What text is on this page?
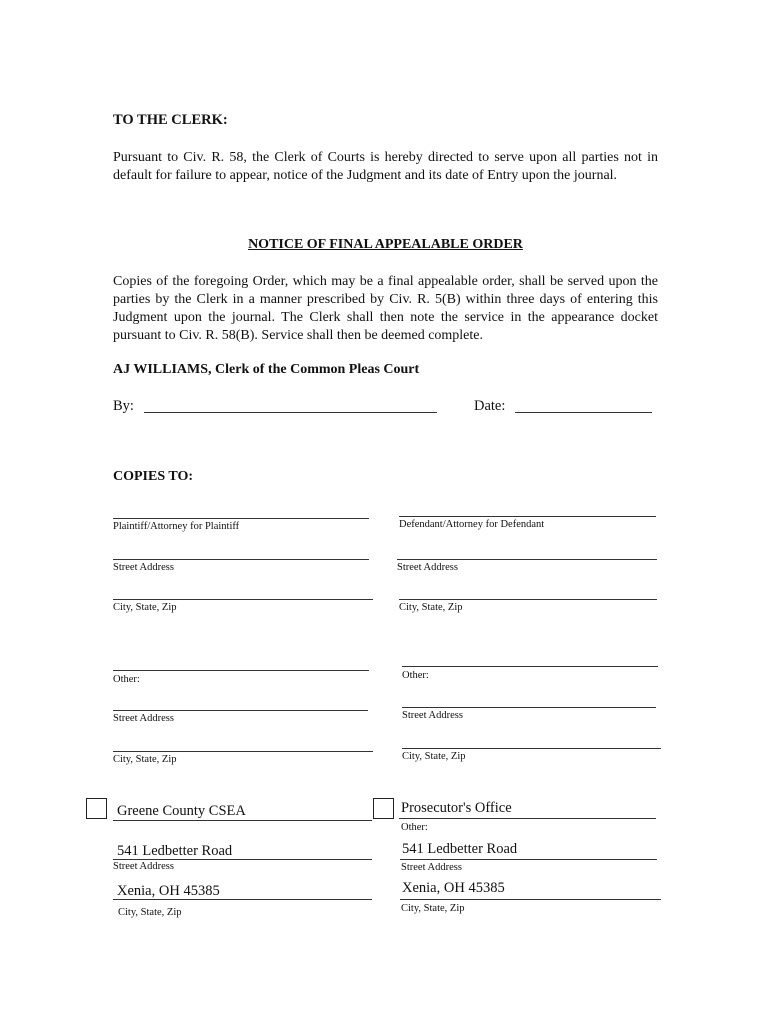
TO THE CLERK:
Pursuant to Civ. R. 58, the Clerk of Courts is hereby directed to serve upon all parties not in default for failure to appear, notice of the Judgment and its date of Entry upon the journal.
NOTICE OF FINAL APPEALABLE ORDER
Copies of the foregoing Order, which may be a final appealable order, shall be served upon the parties by the Clerk in a manner prescribed by Civ. R. 5(B) within three days of entering this Judgment upon the journal. The Clerk shall then note the service in the appearance docket pursuant to Civ. R. 58(B). Service shall then be deemed complete.
AJ WILLIAMS, Clerk of the Common Pleas Court
By:	Date:
COPIES TO:
Plaintiff/Attorney for Plaintiff
Street Address
City, State, Zip
Defendant/Attorney for Defendant
Street Address
City, State, Zip
Other:
Street Address
City, State, Zip
Other:
Street Address
City, State, Zip
Greene County CSEA
541 Ledbetter Road
Street Address
Xenia, OH 45385
City, State, Zip
Prosecutor's Office
Other:
541 Ledbetter Road
Street Address
Xenia, OH 45385
City, State, Zip
